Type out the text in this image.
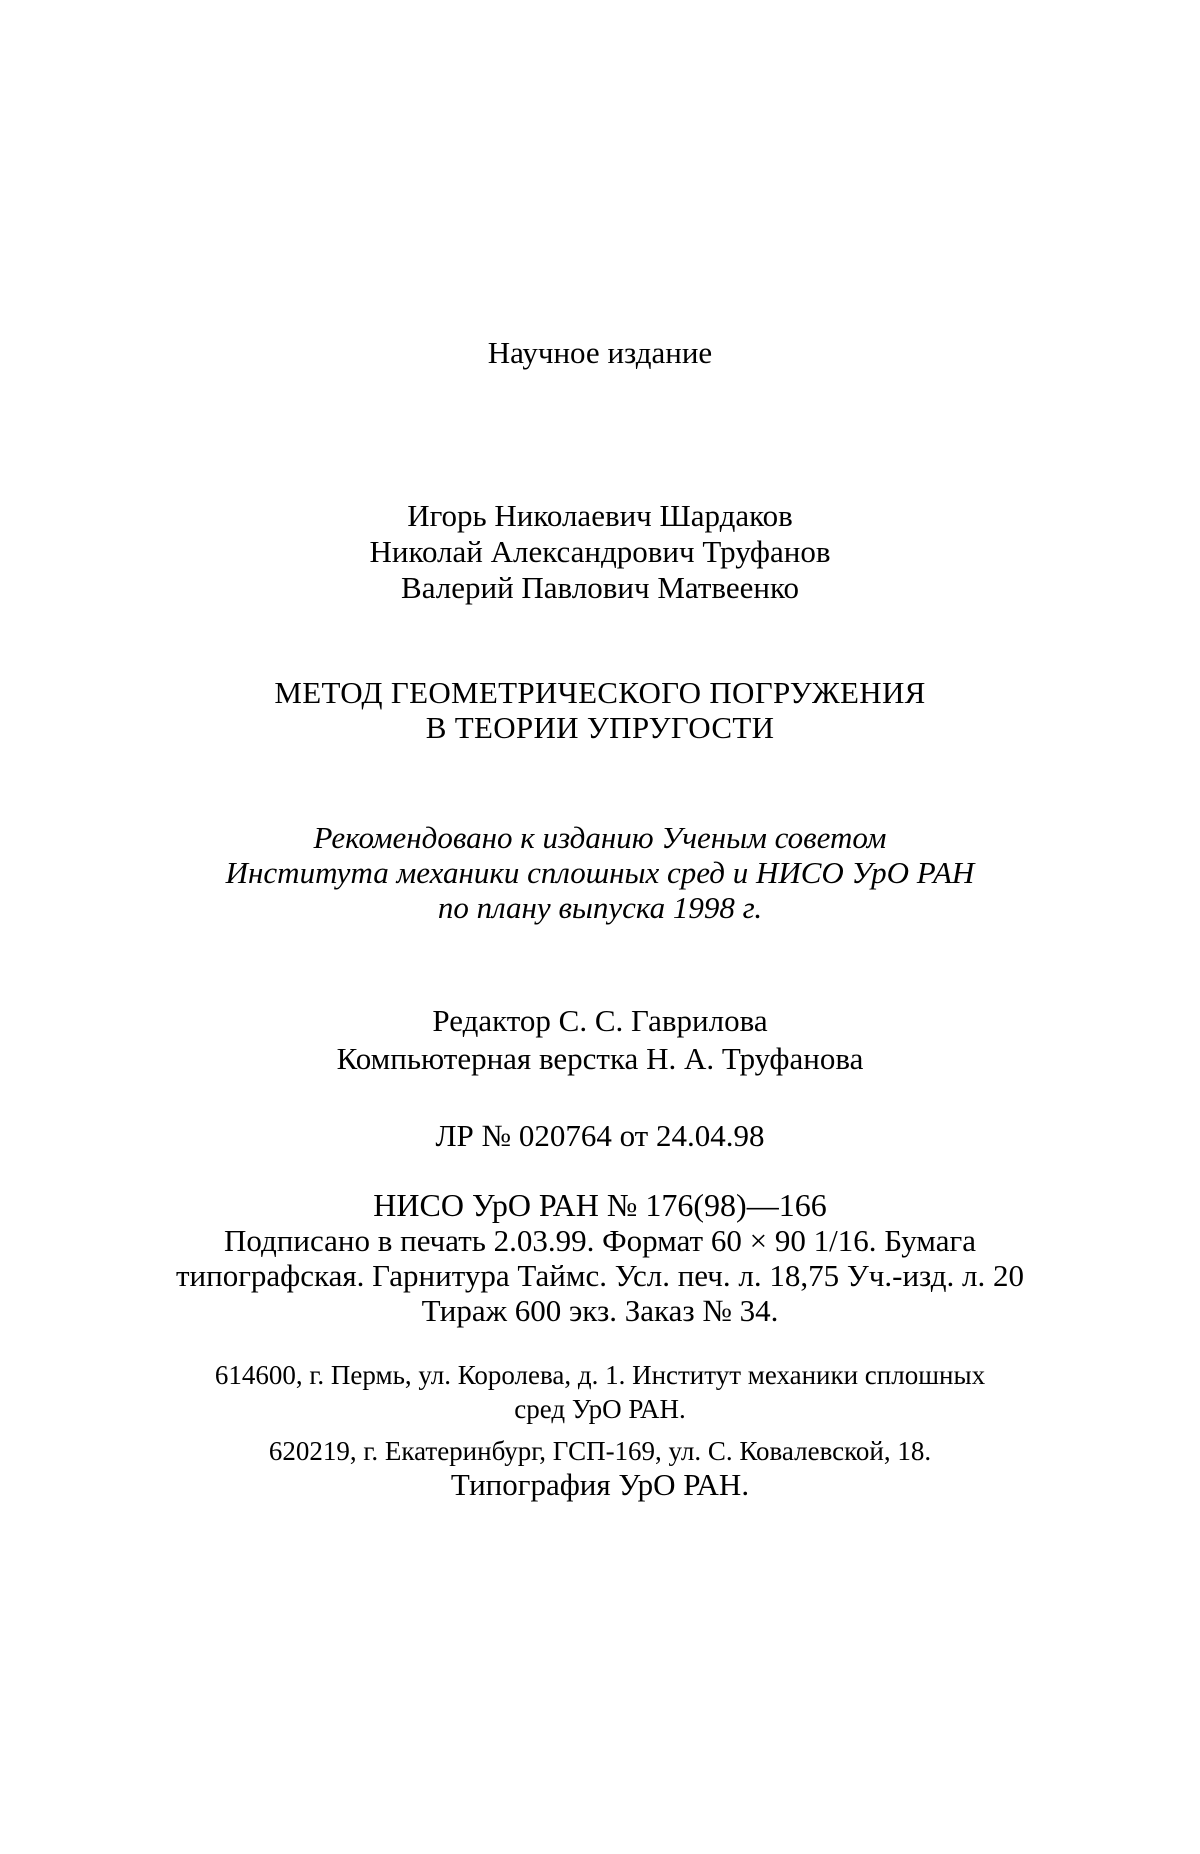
Научное издание
Игорь Николаевич Шардаков
Николай Александрович Труфанов
Валерий Павлович Матвеенко
МЕТОД ГЕОМЕТРИЧЕСКОГО ПОГРУЖЕНИЯ
В ТЕОРИИ УПРУГОСТИ
Рекомендовано к изданию Ученым советом
Института механики сплошных сред и НИСО УрО РАН
по плану выпуска 1998 г.
Редактор С. С. Гаврилова
Компьютерная верстка Н. А. Труфанова
ЛР № 020764 от 24.04.98
НИСО УрО РАН № 176(98)—166
Подписано в печать 2.03.99. Формат 60 × 90 1/16. Бумага
типографская. Гарнитура Таймс. Усл. печ. л. 18,75 Уч.-изд. л. 20
Тираж 600 экз. Заказ № 34.
614600, г. Пермь, ул. Королева, д. 1. Институт механики сплошных
сред УрО РАН.
620219, г. Екатеринбург, ГСП-169, ул. С. Ковалевской, 18.
Типография УрО РАН.
